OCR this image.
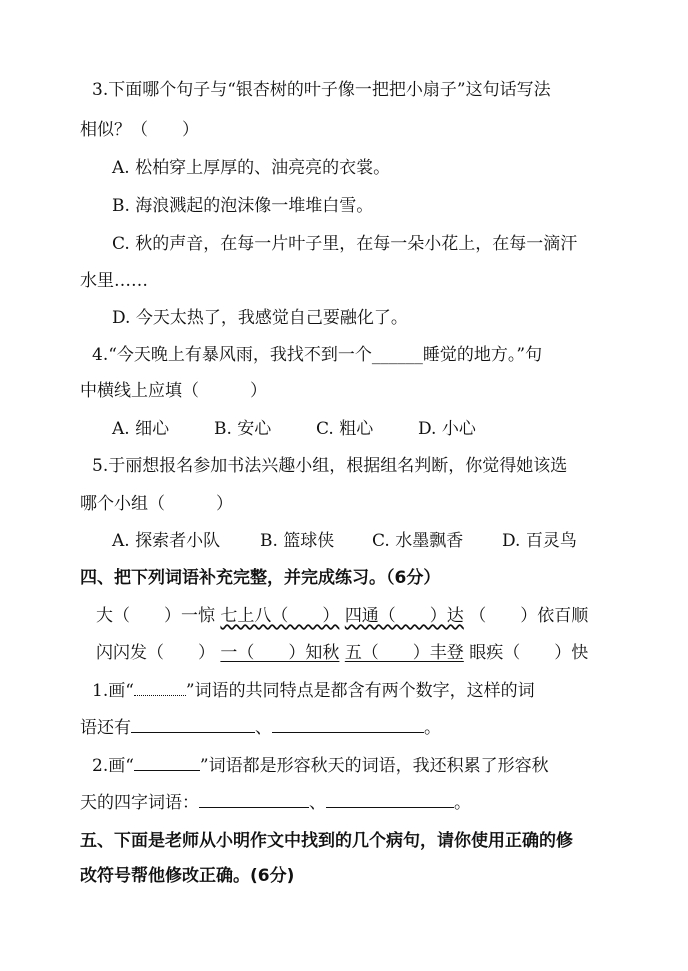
3.下面哪个句子与“银杏树的叶子像一把把小扇子”这句话写法
相似？（　　）
A. 松柏穿上厚厚的、油亮亮的衣裳。
B. 海浪溅起的泡沫像一堆堆白雪。
C. 秋的声音，在每一片叶子里，在每一朵小花上，在每一滴汗
水里……
D. 今天太热了，我感觉自己要融化了。
4.“今天晚上有暴风雨，我找不到一个______睡觉的地方。”句
中横线上应填（　　　）
A. 细心	B. 安心	C. 粗心	D. 小心
5.于丽想报名参加书法兴趣小组，根据组名判断，你觉得她该选
哪个小组（　　　）
A. 探索者小队 B. 篮球侠 C. 水墨飘香 D. 百灵鸟
四、把下列词语补充完整，并完成练习。（6分）
大（　　）一惊 七上八（　　） 四通（　　）达 （　　）依百顺
闪闪发（　　） 一（　　）知秋 五（　　）丰登 眼疾（　　）快
1.画“	”词语的共同特点是都含有两个数字，这样的词
语还有	、	。
2.画“	”词语都是形容秋天的词语，我还积累了形容秋
天的四字词语：	、	。
五、下面是老师从小明作文中找到的几个病句，请你使用正确的修
改符号帮他修改正确。(6分)
